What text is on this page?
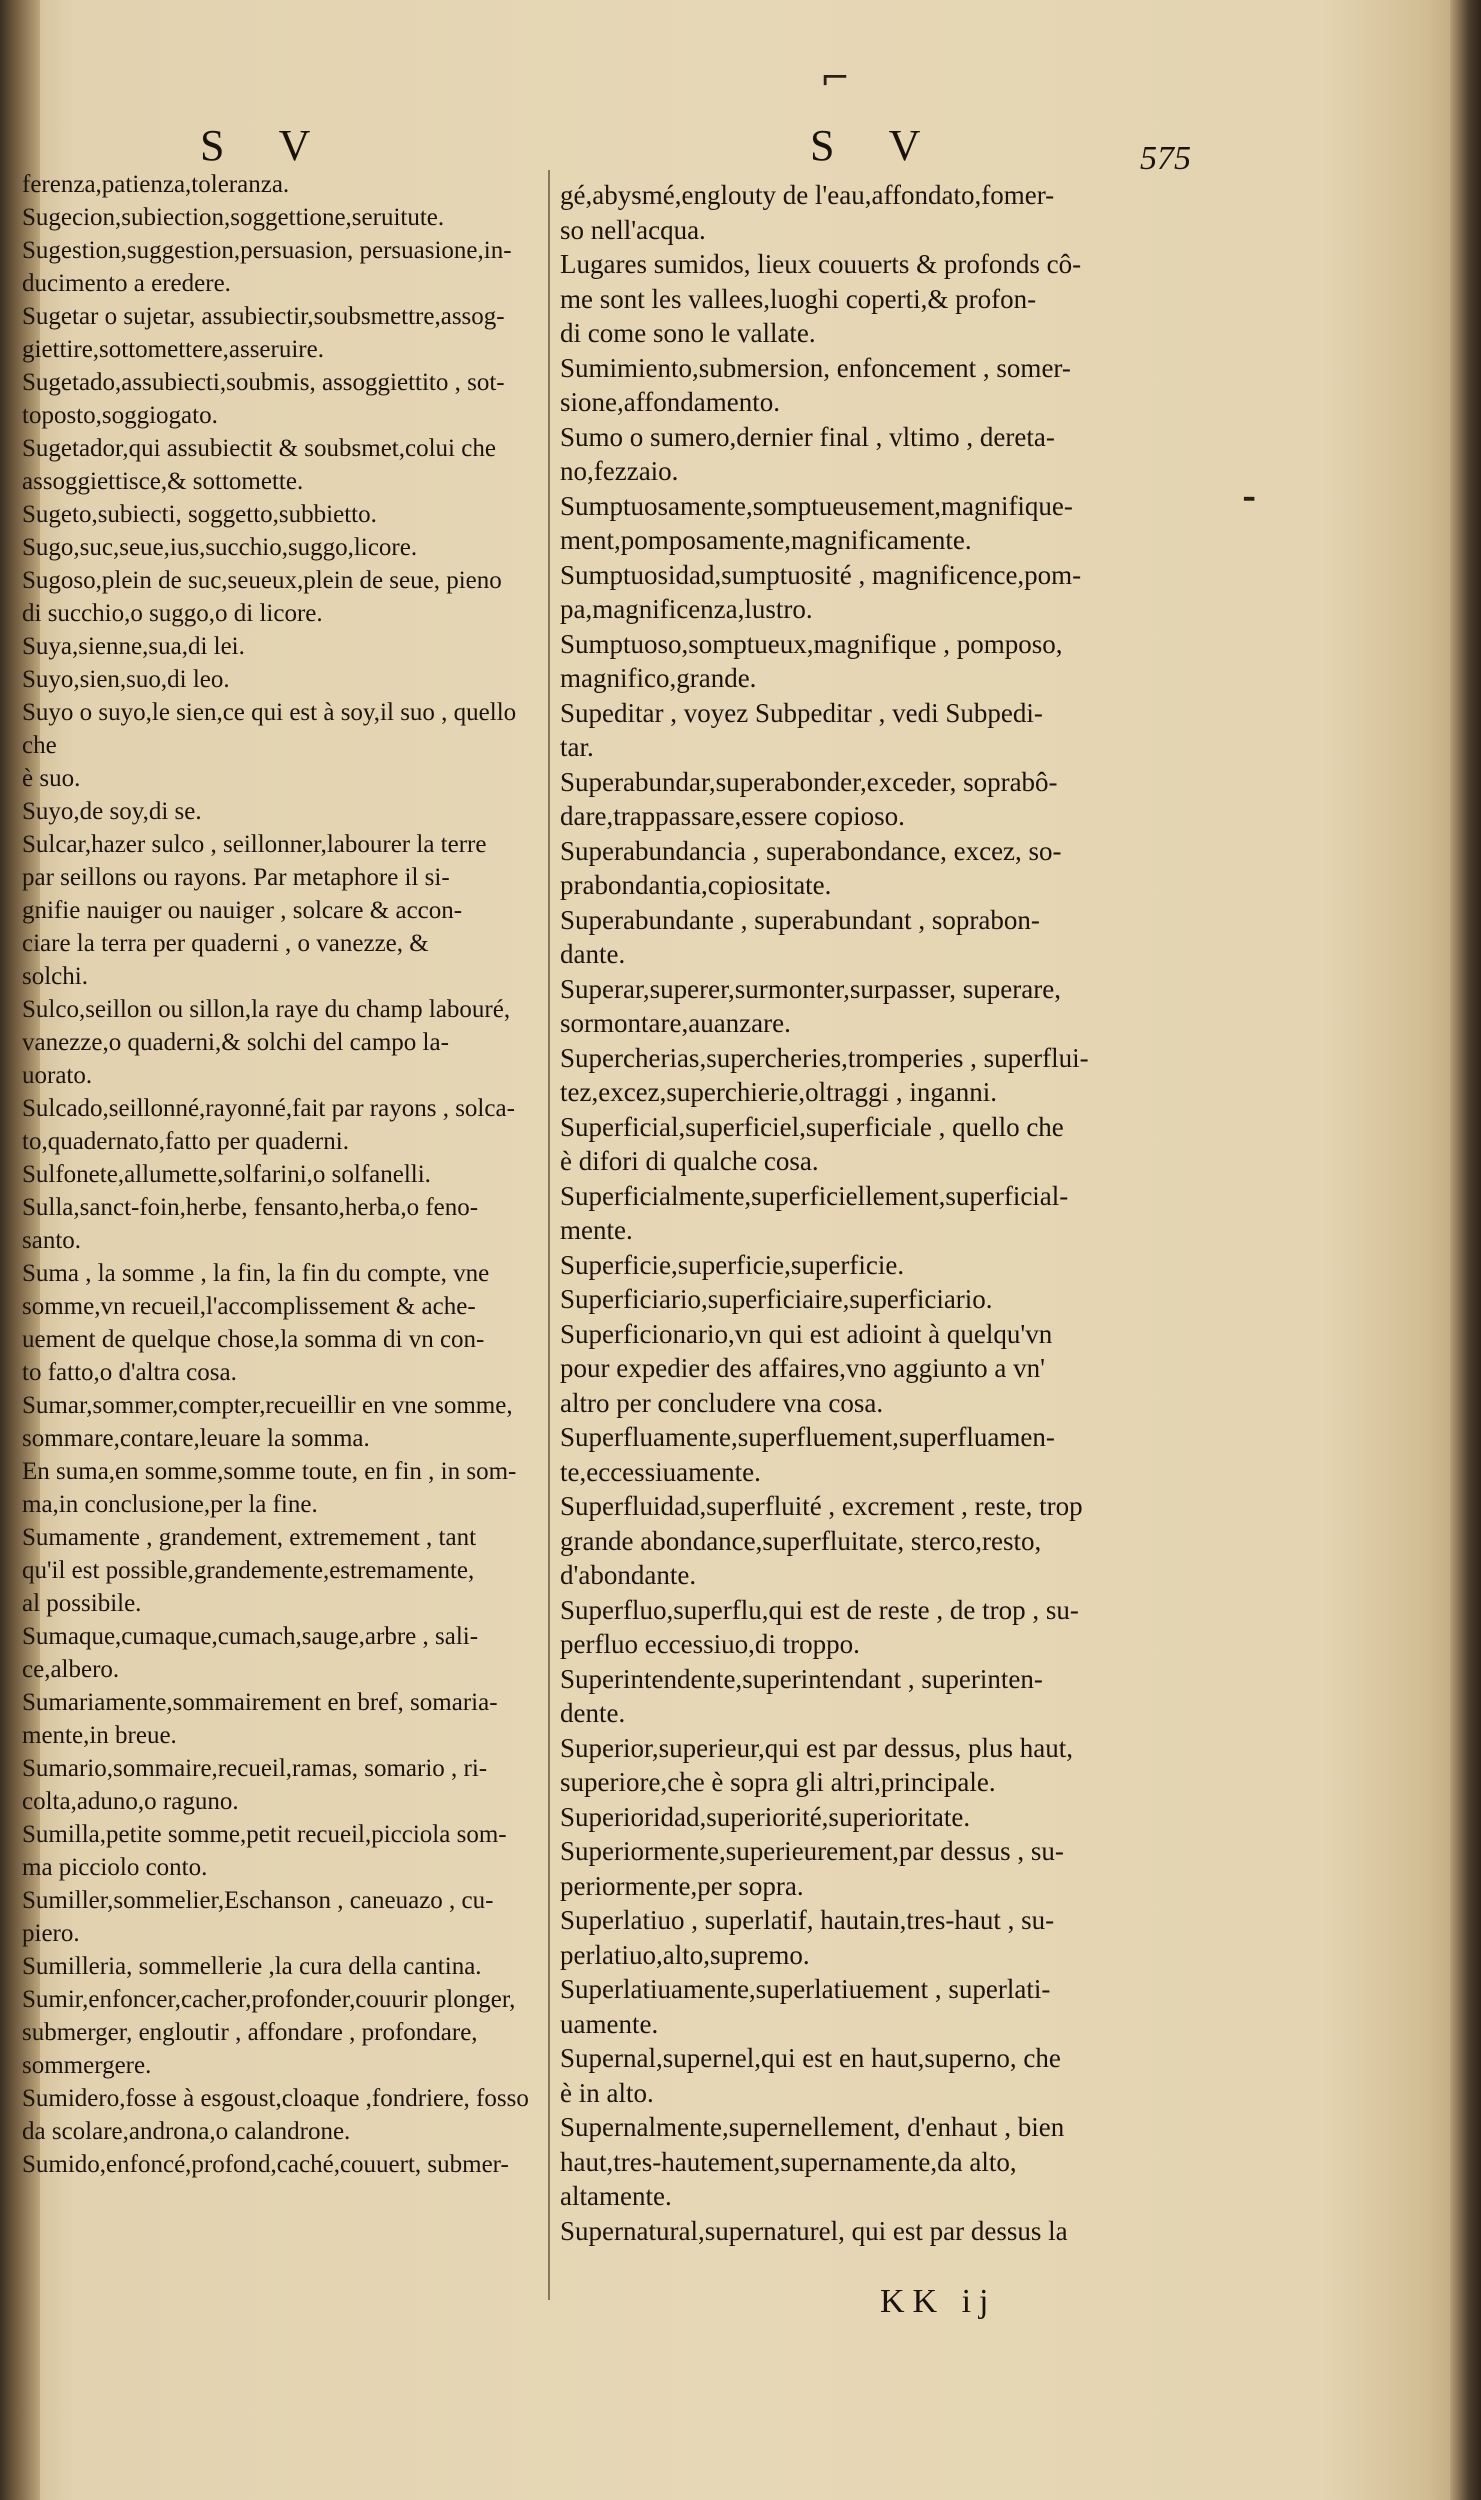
S V	S V	575
ferenza,patienza,toleranza.
Sugecion,subiection,soggettione,seruitute.
Sugestion,suggestion,persuasion, persuasione,in-
ducimento a eredere.
Sugetar o sujetar, assubiectir,soubsmettre,assog-
giettire,sottomettere,asseruire.
Sugetado,assubiecti,soubmis, assoggiettito , sot-
toposto,soggiogato.
Sugetador,qui assubiectit & soubsmet,colui che
assoggiettisce,& sottomette.
Sugeto,subiecti, soggetto,subbietto.
Sugo,suc,seue,ius,succhio,suggo,licore.
Sugoso,plein de suc,seueux,plein de seue, pieno
di succhio,o suggo,o di licore.
Suya,sienne,sua,di lei.
Suyo,sien,suo,di leo.
Suyo o suyo,le sien,ce qui est à soy,il suo , quello che
è suo.
Suyo,de soy,di se.
Sulcar,hazer sulco , seillonner,labourer la terre
par seillons ou rayons. Par metaphore il si-
gnifie nauiger ou nauiger , solcare & accon-
ciare la terra per quaderni , o vanezze, &
solchi.
Sulco,seillon ou sillon,la raye du champ labouré,
vanezze,o quaderni,& solchi del campo la-
uorato.
Sulcado,seillonné,rayonné,fait par rayons , solca-
to,quadernato,fatto per quaderni.
Sulfonete,allumette,solfarini,o solfanelli.
Sulla,sanct-foin,herbe, fensanto,herba,o feno-
santo.
Suma , la somme , la fin, la fin du compte, vne
somme,vn recueil,l'accomplissement & ache-
uement de quelque chose,la somma di vn con-
to fatto,o d'altra cosa.
Sumar,sommer,compter,recueillir en vne somme,
sommare,contare,leuare la somma.
En suma,en somme,somme toute, en fin , in som-
ma,in conclusione,per la fine.
Sumamente , grandement, extremement , tant
qu'il est possible,grandemente,estremamente,
al possibile.
Sumaque,cumaque,cumach,sauge,arbre , sali-
ce,albero.
Sumariamente,sommairement en bref, somaria-
mente,in breue.
Sumario,sommaire,recueil,ramas, somario , ri-
colta,aduno,o raguno.
Sumilla,petite somme,petit recueil,picciola som-
ma picciolo conto.
Sumiller,sommelier,Eschanson , caneuazo , cu-
piero.
Sumilleria, sommellerie ,la cura della cantina.
Sumir,enfoncer,cacher,profonder,couurir plonger,
submerger, engloutir , affondare , profondare,
sommergere.
Sumidero,fosse à esgoust,cloaque ,fondriere, fosso
da scolare,androna,o calandrone.
Sumido,enfoncé,profond,caché,couuert, submer-
gé,abysmé,englouty de l'eau,affondato,fomer-
so nell'acqua.
Lugares sumidos, lieux couuerts & profonds cô-
me sont les vallees,luoghi coperti,& profon-
di come sono le vallate.
Sumimiento,submersion, enfoncement , somer-
sione,affondamento.
Sumo o sumero,dernier final , vltimo , dereta-
no,fezzaio.
Sumptuosamente,somptueusement,magnifique-
ment,pomposamente,magnificamente.
Sumptuosidad,sumptuosité , magnificence,pom-
pa,magnificenza,lustro.
Sumptuoso,somptueux,magnifique , pomposo,
magnifico,grande.
Supeditar , voyez Subpeditar , vedi Subpedi-
tar.
Superabundar,superabonder,exceder, soprabô-
dare,trappassare,essere copioso.
Superabundancia , superabondance, excez, so-
prabondantia,copiositate.
Superabundante , superabundant , soprabon-
dante.
Superar,superer,surmonter,surpasser, superare,
sormontare,auanzare.
Supercherias,supercheries,tromperies , superflui-
tez,excez,superchierie,oltraggi , inganni.
Superficial,superficiel,superficiale , quello che
è difori di qualche cosa.
Superficialmente,superficiellement,superficial-
mente.
Superficie,superficie,superficie.
Superficiario,superficiaire,superficiario.
Superficionario,vn qui est adioint à quelqu'vn
pour expedier des affaires,vno aggiunto a vn'
altro per concludere vna cosa.
Superfluamente,superfluement,superfluamen-
te,eccessiuamente.
Superfluidad,superfluité , excrement , reste, trop
grande abondance,superfluitate, sterco,resto,
d'abondante.
Superfluo,superflu,qui est de reste , de trop , su-
perfluo eccessiuo,di troppo.
Superintendente,superintendant , superinten-
dente.
Superior,superieur,qui est par dessus, plus haut,
superiore,che è sopra gli altri,principale.
Superioridad,superiorité,superioritate.
Superiormente,superieurement,par dessus , su-
periormente,per sopra.
Superlatiuo , superlatif, hautain,tres-haut , su-
perlatiuo,alto,supremo.
Superlatiuamente,superlatiuement , superlati-
uamente.
Supernal,supernel,qui est en haut,superno, che
è in alto.
Supernalmente,supernellement, d'enhaut , bien
haut,tres-hautement,supernamente,da alto,
altamente.
Supernatural,supernaturel, qui est par dessus la
KK ij
⌐
⁃
